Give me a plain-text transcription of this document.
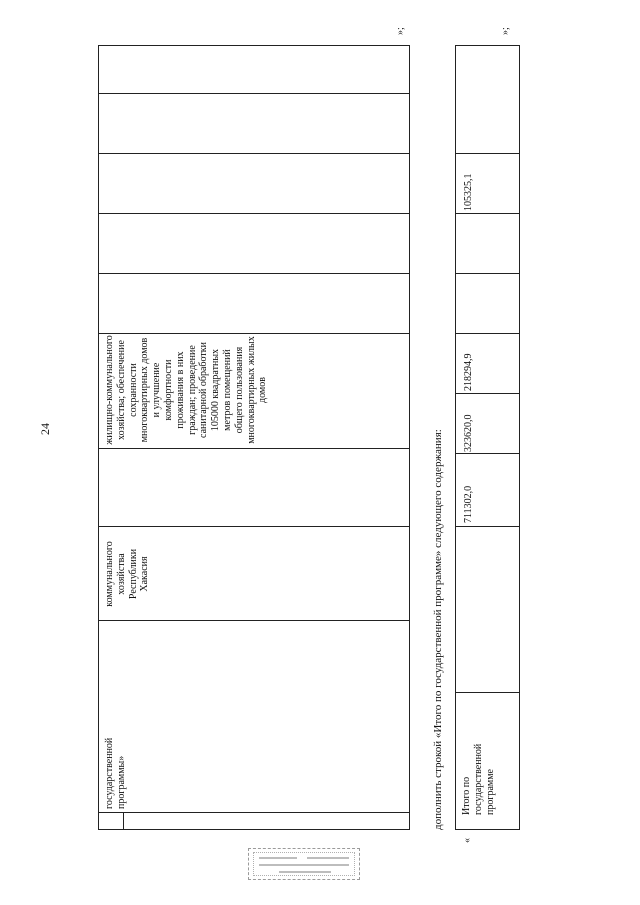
24
государственной программы»
коммунального хозяйства Республики Хакасия
жилищно-коммунального хозяйства; обеспечение сохранности многоквартирных домов и улучшение комфортности проживания в них граждан; проведение санитарной обработки 105000 квадратных метров помещений общего пользования многоквартирных жилых домов
»;
дополнить строкой «Итого по государственной программе» следующего содержания:
«
Итого по государственной программе
711302,0
323620,0
218294,9
105325,1
»;
